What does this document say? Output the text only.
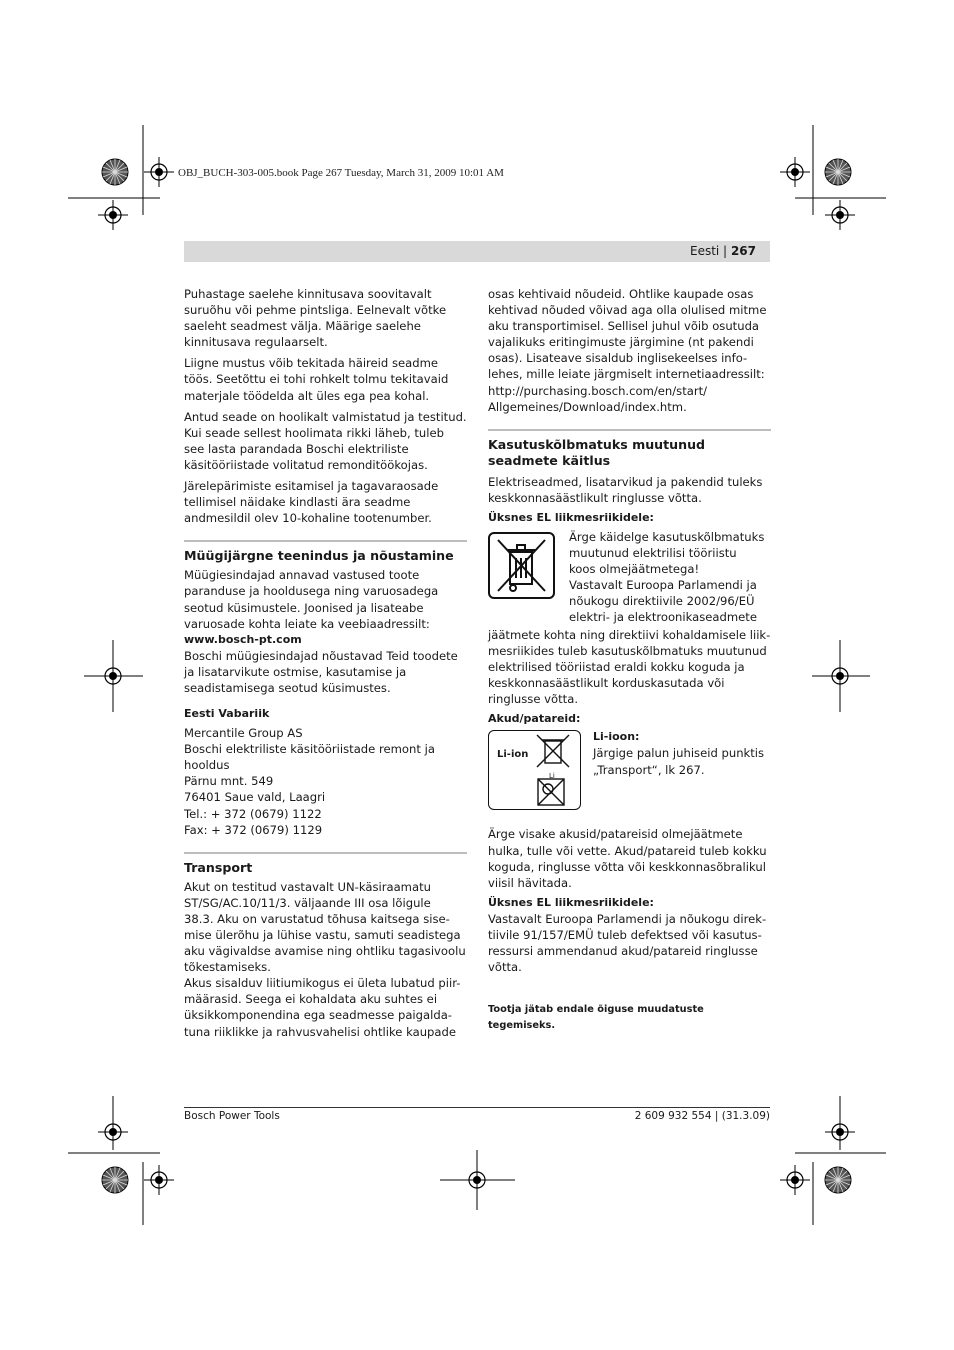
OBJ_BUCH-303-005.book Page 267 Tuesday, March 31, 2009 10:01 AM
Eesti | 267

Puhastage saelehe kinnitusava soovitavalt
suruõhu või pehme pintsliga. Eelnevalt võtke
saeleht seadmest välja. Määrige saelehe
kinnitusava regulaarselt.

Liigne mustus võib tekitada häireid seadme
töös. Seetõttu ei tohi rohkelt tolmu tekitavaid
materjale töödelda alt üles ega pea kohal.

Antud seade on hoolikalt valmistatud ja testitud.
Kui seade sellest hoolimata rikki läheb, tuleb
see lasta parandada Boschi elektriliste
käsitööriistade volitatud remonditöökojas.

Järelepärimiste esitamisel ja tagavaraosade
tellimisel näidake kindlasti ära seadme
andmesildil olev 10-kohaline tootenumber.

Müügijärgne teenindus ja nõustamine
Müügiesindajad annavad vastused toote
paranduse ja hooldusega ning varuosadega
seotud küsimustele. Joonised ja lisateabe
varuosade kohta leiate ka veebiaadressilt:
www.bosch-pt.com
Boschi müügiesindajad nõustavad Teid toodete
ja lisatarvikute ostmise, kasutamise ja
seadistamisega seotud küsimustes.
Eesti Vabariik
Mercantile Group AS
Boschi elektriliste käsitööriistade remont ja
hooldus
Pärnu mnt. 549
76401 Saue vald, Laagri
Tel.: + 372 (0679) 1122
Fax: + 372 (0679) 1129
Transport
Akut on testitud vastavalt UN-käsiraamatu
ST/SG/AC.10/11/3. väljaande III osa lõigule
38.3. Aku on varustatud tõhusa kaitsega sise-
mise ülerõhu ja lühise vastu, samuti seadistega
aku vägivaldse avamise ning ohtliku tagasivoolu
tõkestamiseks.
Akus sisalduv liitiumikogus ei ületa lubatud piir-
määrasid. Seega ei kohaldata aku suhtes ei
üksikkomponendina ega seadmesse paigalda-
tuna riiklikke ja rahvusvahelisi ohtlike kaupade
osas kehtivaid nõudeid. Ohtlike kaupade osas
kehtivad nõuded võivad aga olla olulised mitme
aku transportimisel. Sellisel juhul võib osutuda
vajalikuks eritingimuste järgimine (nt pakendi
osas). Lisateave sisaldub inglisekeelses info-
lehes, mille leiate järgmiselt internetiaadressilt:
http://purchasing.bosch.com/en/start/
Allgemeines/Download/index.htm.
Kasutuskõlbmatuks muutunud
seadmete käitlus
Elektriseadmed, lisatarvikud ja pakendid tuleks
keskkonnasäästlikult ringlusse võtta.
Üksnes EL liikmesriikidele:
Ärge käidelge kasutuskõlbmatuks
muutunud elektrilisi tööriistu
koos olmejäätmetega!
Vastavalt Euroopa Parlamendi ja
nõukogu direktiivile 2002/96/EÜ
elektri- ja elektroonikaseadmete
jäätmete kohta ning direktiivi kohaldamisele liik-
mesriikides tuleb kasutuskõlbmatuks muutunud
elektrilised tööriistad eraldi kokku koguda ja
keskkonnasäästlikult korduskasutada või
ringlusse võtta.
Akud/patareid:
Li-ion
Li
Li-ioon:
Järgige palun juhiseid punktis
„Transport“, lk 267.
Ärge visake akusid/patareisid olmejäätmete
hulka, tulle või vette. Akud/patareid tuleb kokku
koguda, ringlusse võtta või keskkonnasõbralikul
viisil hävitada.
Üksnes EL liikmesriikidele:
Vastavalt Euroopa Parlamendi ja nõukogu direk-
tiivile 91/157/EMÜ tuleb defektsed või kasutus-
ressursi ammendanud akud/patareid ringlusse
võtta.
Tootja jätab endale õiguse muudatuste tegemiseks.
Bosch Power Tools	2 609 932 554 | (31.3.09)
